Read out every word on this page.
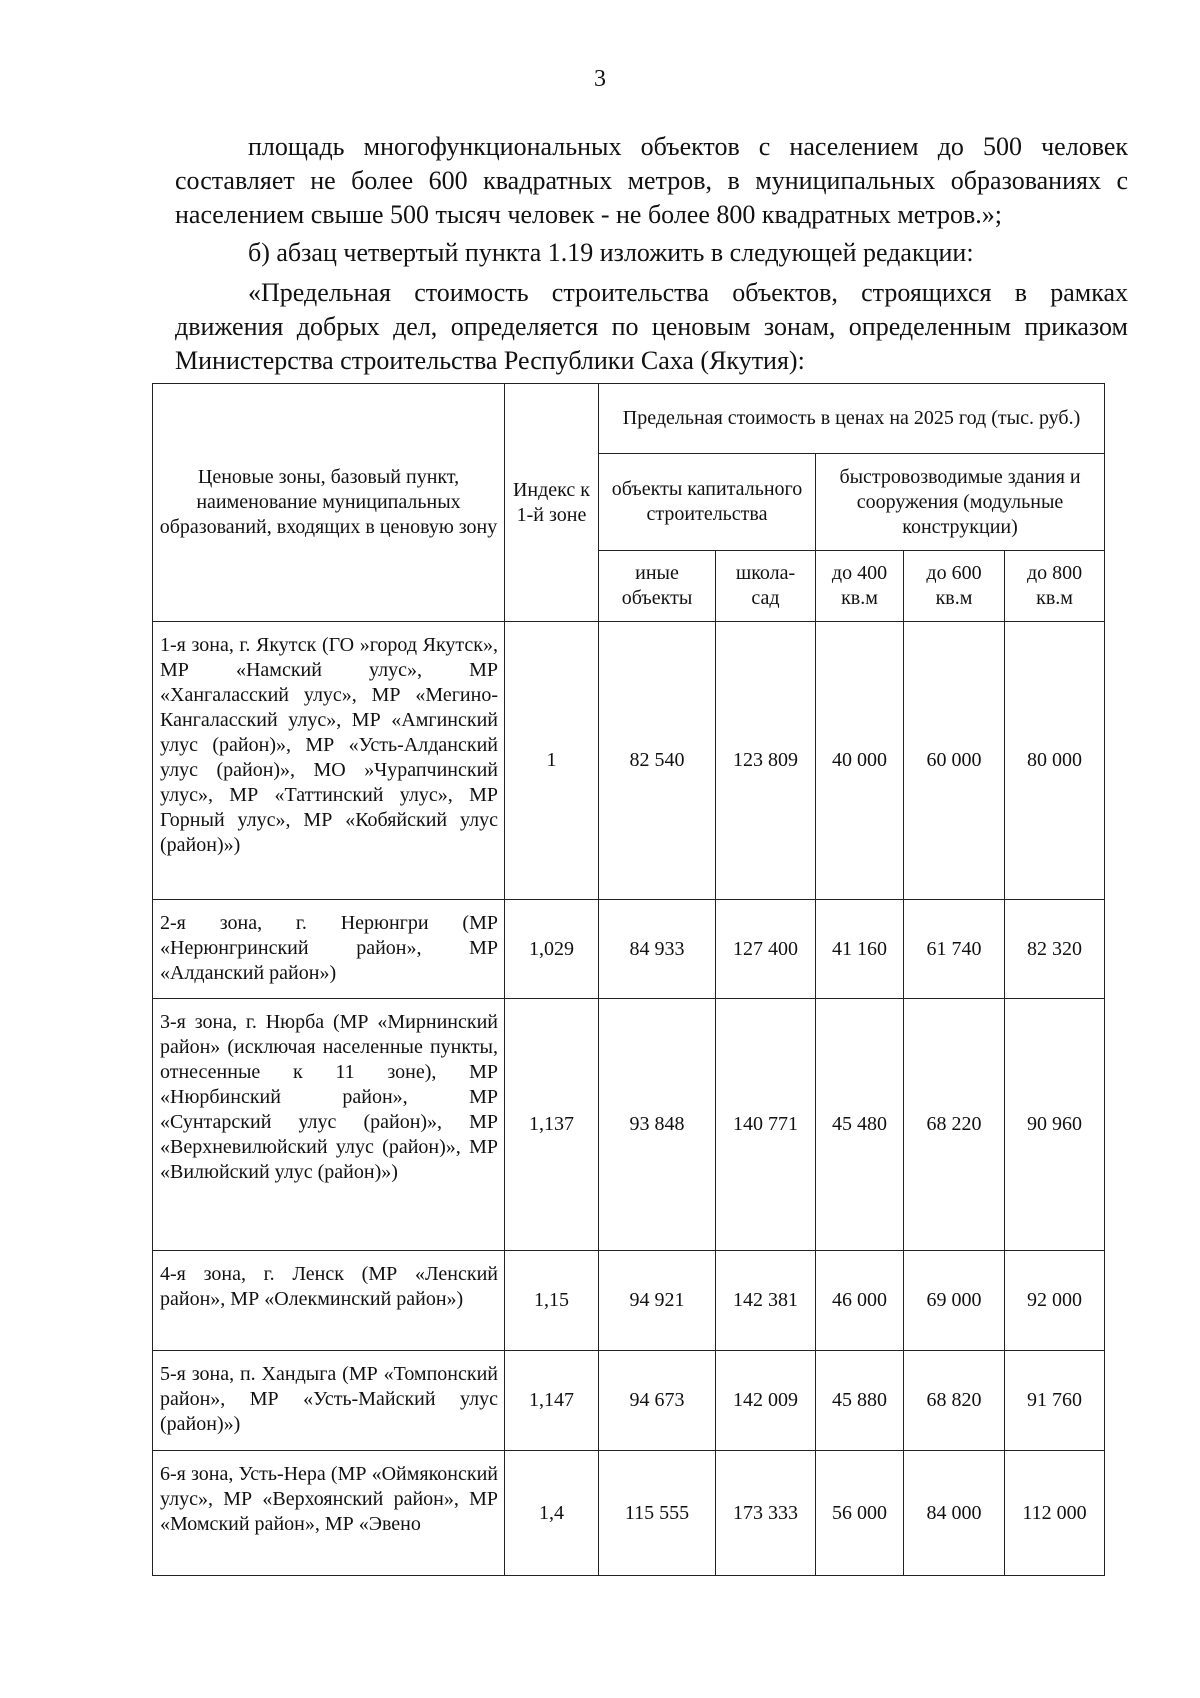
3

площадь многофункциональных объектов с населением до 500 человек составляет не более 600 квадратных метров, в муниципальных образованиях с населением свыше 500 тысяч человек - не более 800 квадратных метров.»;

б) абзац четвертый пункта 1.19 изложить в следующей редакции:

«Предельная стоимость строительства объектов, строящихся в рамках движения добрых дел, определяется по ценовым зонам, определенным приказом Министерства строительства Республики Саха (Якутия):

Ценовые зоны, базовый пункт, наименование муниципальных образований, входящих в ценовую зону	Индекс к 1-й зоне	Предельная стоимость в ценах на 2025 год (тыс. руб.)				
		объекты капитального строительства		быстровозводимые здания и сооружения (модульные конструкции)		
		иные объекты	школа-сад	до 400 кв.м	до 600 кв.м	до 800 кв.м
1-я зона, г. Якутск (ГО »город Якутск», МР «Намский улус», МР «Хангаласский улус», МР «Мегино-Кангаласский улус», МР «Амгинский улус (район)», МР «Усть-Алданский улус (район)», МО »Чурапчинский улус», МР «Таттинский улус», МР Горный улус», МР «Кобяйский улус (район)»)	1	82 540	123 809	40 000	60 000	80 000
2-я зона, г. Нерюнгри (МР «Нерюнгринский район», МР «Алданский район»)	1,029	84 933	127 400	41 160	61 740	82 320
3-я зона, г. Нюрба (МР «Мирнинский район» (исключая населенные пункты, отнесенные к 11 зоне), МР «Нюрбинский район», МР «Сунтарский улус (район)», МР «Верхневилюйский улус (район)», МР «Вилюйский улус (район)»)	1,137	93 848	140 771	45 480	68 220	90 960
4-я зона, г. Ленск (МР «Ленский район», МР «Олекминский район»)	1,15	94 921	142 381	46 000	69 000	92 000
5-я зона, п. Хандыга (МР «Томпонский район», МР «Усть-Майский улус (район)»)	1,147	94 673	142 009	45 880	68 820	91 760
6-я зона, Усть-Нера (МР «Оймяконский улус», МР «Верхоянский район», МР «Момский район», МР «Эвено	1,4	115 555	173 333	56 000	84 000	112 000
